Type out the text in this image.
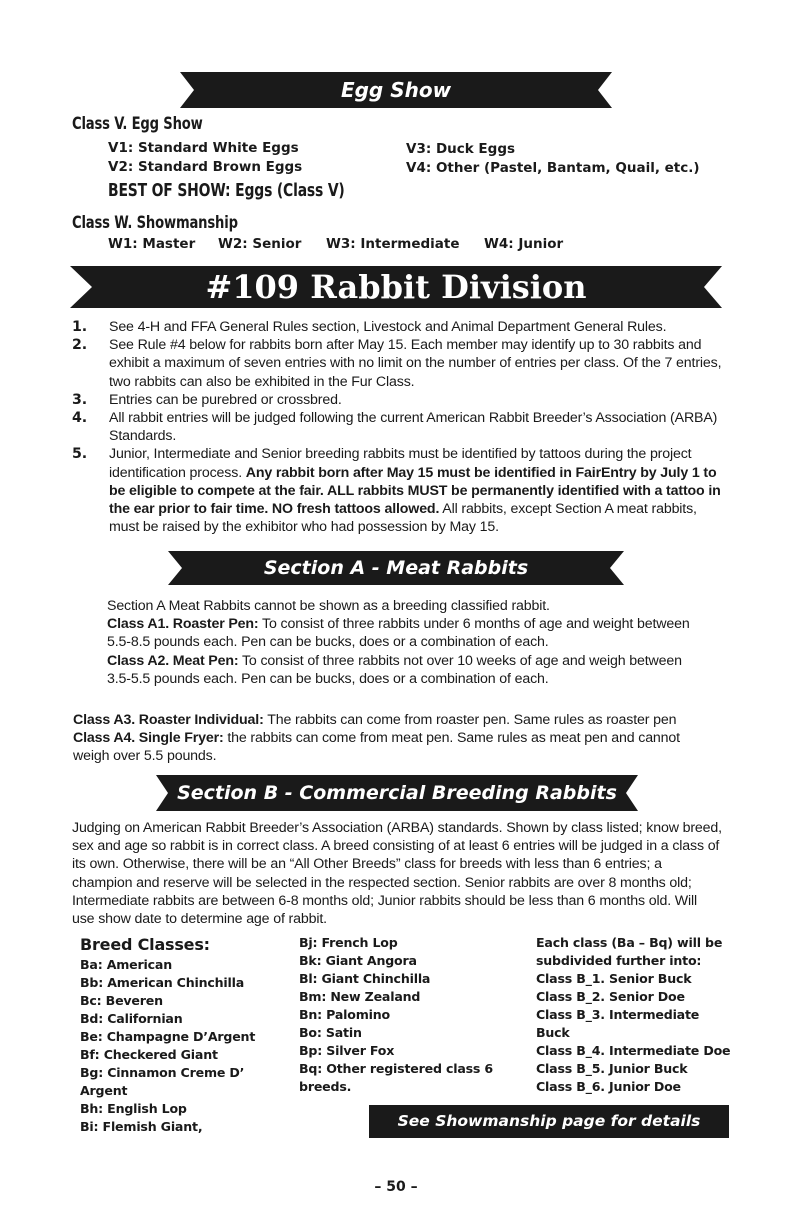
Egg Show
Class V. Egg Show
V1: Standard White Eggs
V2: Standard Brown Eggs
V3: Duck Eggs
V4: Other (Pastel, Bantam, Quail, etc.)
BEST OF SHOW: Eggs (Class V)
Class W. Showmanship
W1: Master W2: Senior W3: Intermediate W4: Junior
#109 Rabbit Division
1. See 4-H and FFA General Rules section, Livestock and Animal Department General Rules.
2. See Rule #4 below for rabbits born after May 15. Each member may identify up to 30 rabbits and exhibit a maximum of seven entries with no limit on the number of entries per class. Of the 7 entries, two rabbits can also be exhibited in the Fur Class.
3. Entries can be purebred or crossbred.
4. All rabbit entries will be judged following the current American Rabbit Breeder’s Association (ARBA) Standards.
5. Junior, Intermediate and Senior breeding rabbits must be identified by tattoos during the project identification process. Any rabbit born after May 15 must be identified in FairEntry by July 1 to be eligible to compete at the fair. ALL rabbits MUST be permanently identified with a tattoo in the ear prior to fair time. NO fresh tattoos allowed. All rabbits, except Section A meat rabbits, must be raised by the exhibitor who had possession by May 15.
Section A - Meat Rabbits
Section A Meat Rabbits cannot be shown as a breeding classified rabbit.
Class A1. Roaster Pen: To consist of three rabbits under 6 months of age and weight between 5.5-8.5 pounds each. Pen can be bucks, does or a combination of each.
Class A2. Meat Pen: To consist of three rabbits not over 10 weeks of age and weigh between 3.5-5.5 pounds each. Pen can be bucks, does or a combination of each.
Class A3. Roaster Individual: The rabbits can come from roaster pen. Same rules as roaster pen
Class A4. Single Fryer: the rabbits can come from meat pen. Same rules as meat pen and cannot weigh over 5.5 pounds.
Section B - Commercial Breeding Rabbits
Judging on American Rabbit Breeder’s Association (ARBA) standards. Shown by class listed; know breed, sex and age so rabbit is in correct class. A breed consisting of at least 6 entries will be judged in a class of its own. Otherwise, there will be an “All Other Breeds” class for breeds with less than 6 entries; a champion and reserve will be selected in the respected section. Senior rabbits are over 8 months old; Intermediate rabbits are between 6-8 months old; Junior rabbits should be less than 6 months old. Will use show date to determine age of rabbit.
Breed Classes:
Ba: American
Bb: American Chinchilla
Bc: Beveren
Bd: Californian
Be: Champagne D’Argent
Bf: Checkered Giant
Bg: Cinnamon Creme D’ Argent
Bh: English Lop
Bi: Flemish Giant,
Bj: French Lop
Bk: Giant Angora
Bl: Giant Chinchilla
Bm: New Zealand
Bn: Palomino
Bo: Satin
Bp: Silver Fox
Bq: Other registered class 6 breeds.
Each class (Ba – Bq) will be subdivided further into:
Class B_1. Senior Buck
Class B_2. Senior Doe
Class B_3. Intermediate Buck
Class B_4. Intermediate Doe
Class B_5. Junior Buck
Class B_6. Junior Doe
See Showmanship page for details
– 50 –
